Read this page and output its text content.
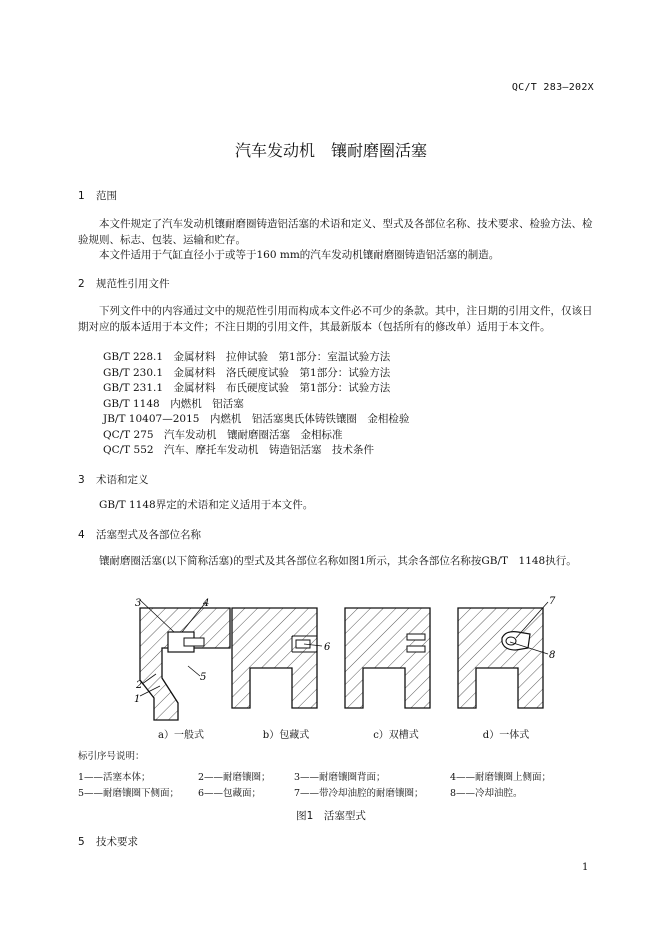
QC/T 283—202X
汽车发动机　镶耐磨圈活塞
1 范围
本文件规定了汽车发动机镶耐磨圈铸造铝活塞的术语和定义、型式及各部位名称、技术要求、检验方法、检验规则、标志、包装、运输和贮存。
本文件适用于气缸直径小于或等于160 mm的汽车发动机镶耐磨圈铸造铝活塞的制造。
2 规范性引用文件
下列文件中的内容通过文中的规范性引用而构成本文件必不可少的条款。其中，注日期的引用文件，仅该日期对应的版本适用于本文件；不注日期的引用文件，其最新版本（包括所有的修改单）适用于本文件。
GB/T 228.1　金属材料　拉伸试验　第1部分：室温试验方法
GB/T 230.1　金属材料　洛氏硬度试验　第1部分：试验方法
GB/T 231.1　金属材料　布氏硬度试验　第1部分：试验方法
GB/T 1148　内燃机　铝活塞
JB/T 10407—2015　内燃机　铝活塞奥氏体铸铁镶圈　金相检验
QC/T 275　汽车发动机　镶耐磨圈活塞　金相标准
QC/T 552　汽车、摩托车发动机　铸造铝活塞　技术条件
3 术语和定义
GB/T 1148界定的术语和定义适用于本文件。
4 活塞型式及各部位名称
镶耐磨圈活塞(以下简称活塞)的型式及其各部位名称如图1所示，其余各部位名称按GB/T　1148执行。
3	4
5
2
1
6
7
8
a）一般式	b）包藏式	c）双槽式	d）一体式
标引序号说明：
1——活塞本体；	2——耐磨镶圈； 3——耐磨镶圈背面；	4——耐磨镶圈上侧面；
5——耐磨镶圈下侧面； 6——包藏面；	7——带冷却油腔的耐磨镶圈；	8——冷却油腔。
图1　活塞型式
5 技术要求
1
